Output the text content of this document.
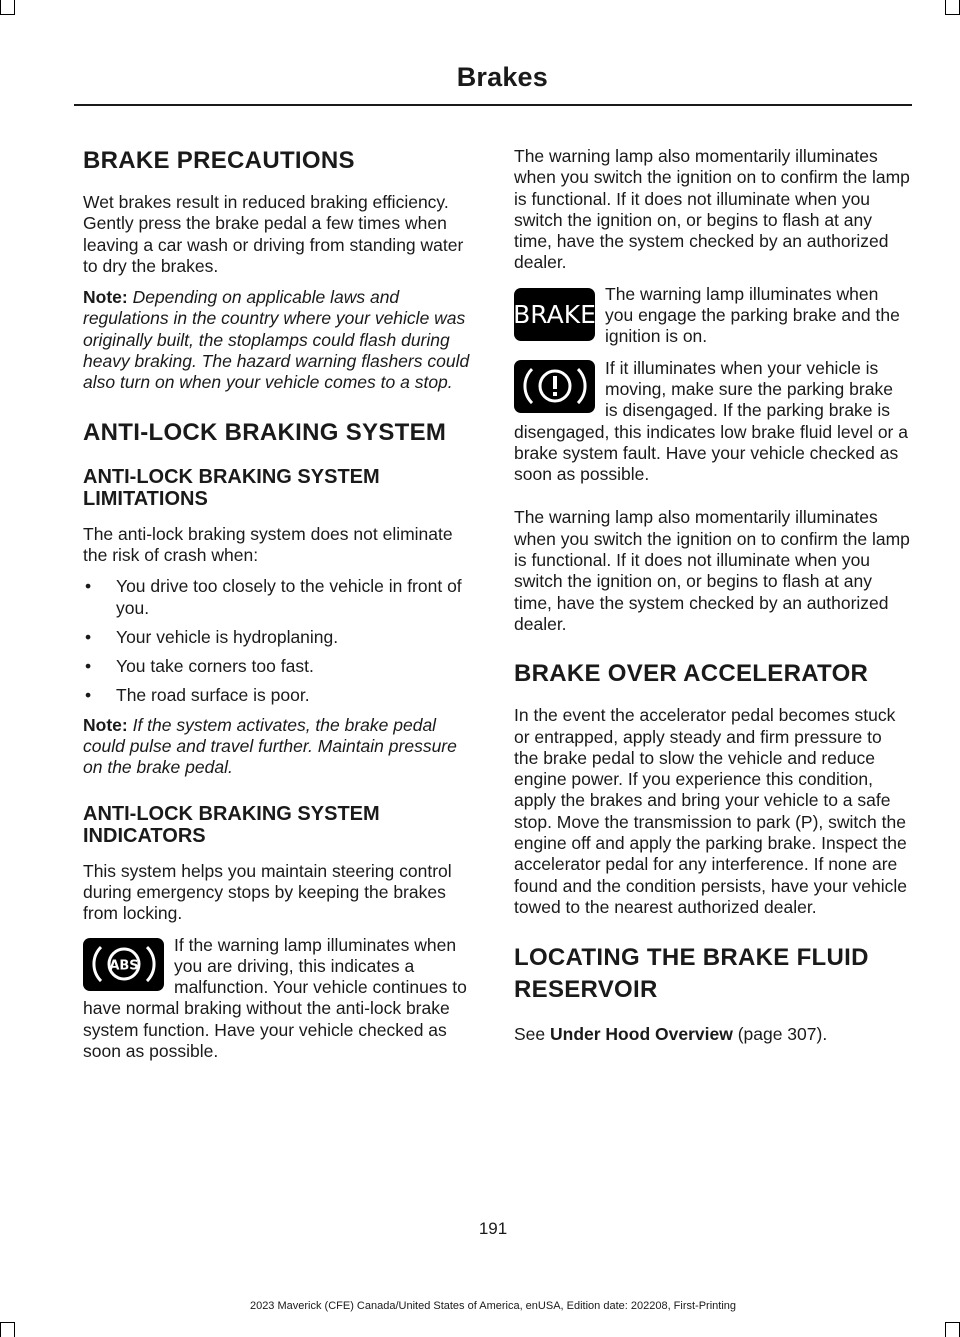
Brakes
BRAKE PRECAUTIONS

Wet brakes result in reduced braking efficiency. Gently press the brake pedal a few times when leaving a car wash or driving from standing water to dry the brakes.

Note: Depending on applicable laws and regulations in the country where your vehicle was originally built, the stoplamps could flash during heavy braking. The hazard warning flashers could also turn on when your vehicle comes to a stop.

ANTI-LOCK BRAKING SYSTEM
ANTI-LOCK BRAKING SYSTEM LIMITATIONS

The anti-lock braking system does not eliminate the risk of crash when:

• You drive too closely to the vehicle in front of you.
• Your vehicle is hydroplaning.
• You take corners too fast.
• The road surface is poor.

Note: If the system activates, the brake pedal could pulse and travel further. Maintain pressure on the brake pedal.

ANTI-LOCK BRAKING SYSTEM INDICATORS

This system helps you maintain steering control during emergency stops by keeping the brakes from locking.

ABS

If the warning lamp illuminates when you are driving, this indicates a malfunction. Your vehicle continues to have normal braking without the anti-lock brake system function. Have your vehicle checked as soon as possible.

The warning lamp also momentarily illuminates when you switch the ignition on to confirm the lamp is functional. If it does not illuminate when you switch the ignition on, or begins to flash at any time, have the system checked by an authorized dealer.

BRAKE

The warning lamp illuminates when you engage the parking brake and the ignition is on.

If it illuminates when your vehicle is moving, make sure the parking brake is disengaged. If the parking brake is disengaged, this indicates low brake fluid level or a brake system fault. Have your vehicle checked as soon as possible.

The warning lamp also momentarily illuminates when you switch the ignition on to confirm the lamp is functional. If it does not illuminate when you switch the ignition on, or begins to flash at any time, have the system checked by an authorized dealer.

BRAKE OVER ACCELERATOR

In the event the accelerator pedal becomes stuck or entrapped, apply steady and firm pressure to the brake pedal to slow the vehicle and reduce engine power. If you experience this condition, apply the brakes and bring your vehicle to a safe stop. Move the transmission to park (P), switch the engine off and apply the parking brake. Inspect the accelerator pedal for any interference. If none are found and the condition persists, have your vehicle towed to the nearest authorized dealer.

LOCATING THE BRAKE FLUID RESERVOIR

See Under Hood Overview (page 307).

191
2023 Maverick (CFE) Canada/United States of America, enUSA, Edition date: 202208, First-Printing
